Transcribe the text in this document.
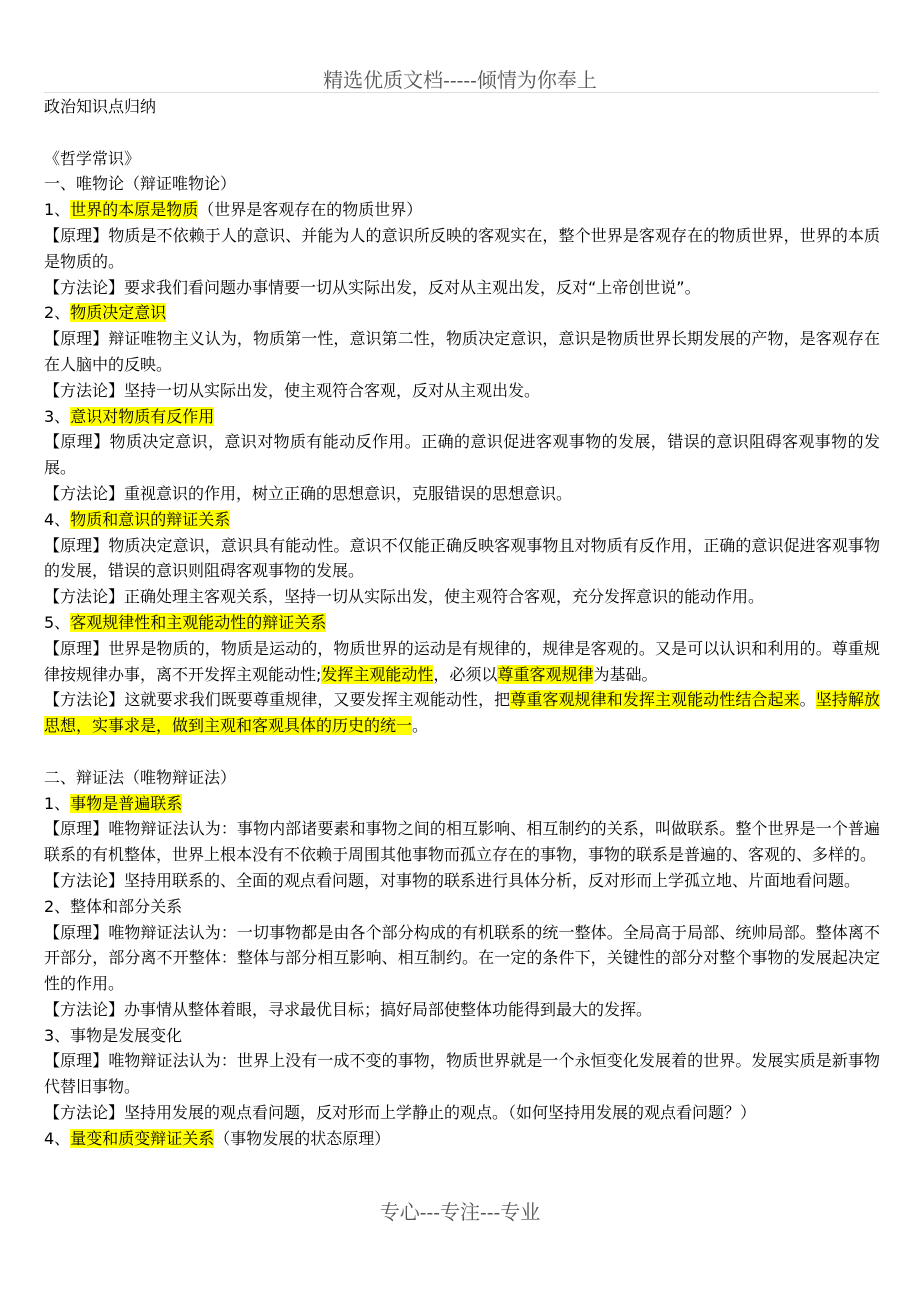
精选优质文档-----倾情为你奉上

政治知识点归纳

《哲学常识》

一、唯物论（辩证唯物论）

1、世界的本原是物质（世界是客观存在的物质世界）

【原理】物质是不依赖于人的意识、并能为人的意识所反映的客观实在，整个世界是客观存在的物质世界，世界的本质是物质的。

【方法论】要求我们看问题办事情要一切从实际出发，反对从主观出发，反对“上帝创世说”。

2、物质决定意识

【原理】辩证唯物主义认为，物质第一性，意识第二性，物质决定意识，意识是物质世界长期发展的产物，是客观存在在人脑中的反映。

【方法论】坚持一切从实际出发，使主观符合客观，反对从主观出发。

3、意识对物质有反作用

【原理】物质决定意识，意识对物质有能动反作用。正确的意识促进客观事物的发展，错误的意识阻碍客观事物的发展。

【方法论】重视意识的作用，树立正确的思想意识，克服错误的思想意识。

4、物质和意识的辩证关系

【原理】物质决定意识，意识具有能动性。意识不仅能正确反映客观事物且对物质有反作用，正确的意识促进客观事物的发展，错误的意识则阻碍客观事物的发展。

【方法论】正确处理主客观关系，坚持一切从实际出发，使主观符合客观，充分发挥意识的能动作用。

5、客观规律性和主观能动性的辩证关系

【原理】世界是物质的，物质是运动的，物质世界的运动是有规律的，规律是客观的。又是可以认识和利用的。尊重规律按规律办事，离不开发挥主观能动性;发挥主观能动性，必须以尊重客观规律为基础。

【方法论】这就要求我们既要尊重规律，又要发挥主观能动性，把尊重客观规律和发挥主观能动性结合起来。坚持解放思想，实事求是，做到主观和客观具体的历史的统一。

二、辩证法（唯物辩证法）

1、事物是普遍联系

【原理】唯物辩证法认为：事物内部诸要素和事物之间的相互影响、相互制约的关系，叫做联系。整个世界是一个普遍联系的有机整体，世界上根本没有不依赖于周围其他事物而孤立存在的事物，事物的联系是普遍的、客观的、多样的。

【方法论】坚持用联系的、全面的观点看问题，对事物的联系进行具体分析，反对形而上学孤立地、片面地看问题。

2、整体和部分关系

【原理】唯物辩证法认为：一切事物都是由各个部分构成的有机联系的统一整体。全局高于局部、统帅局部。整体离不开部分，部分离不开整体：整体与部分相互影响、相互制约。在一定的条件下，关键性的部分对整个事物的发展起决定性的作用。

【方法论】办事情从整体着眼，寻求最优目标；搞好局部使整体功能得到最大的发挥。

3、事物是发展变化

【原理】唯物辩证法认为：世界上没有一成不变的事物，物质世界就是一个永恒变化发展着的世界。发展实质是新事物代替旧事物。

【方法论】坚持用发展的观点看问题，反对形而上学静止的观点。（如何坚持用发展的观点看问题？）

4、量变和质变辩证关系（事物发展的状态原理）

专心---专注---专业
